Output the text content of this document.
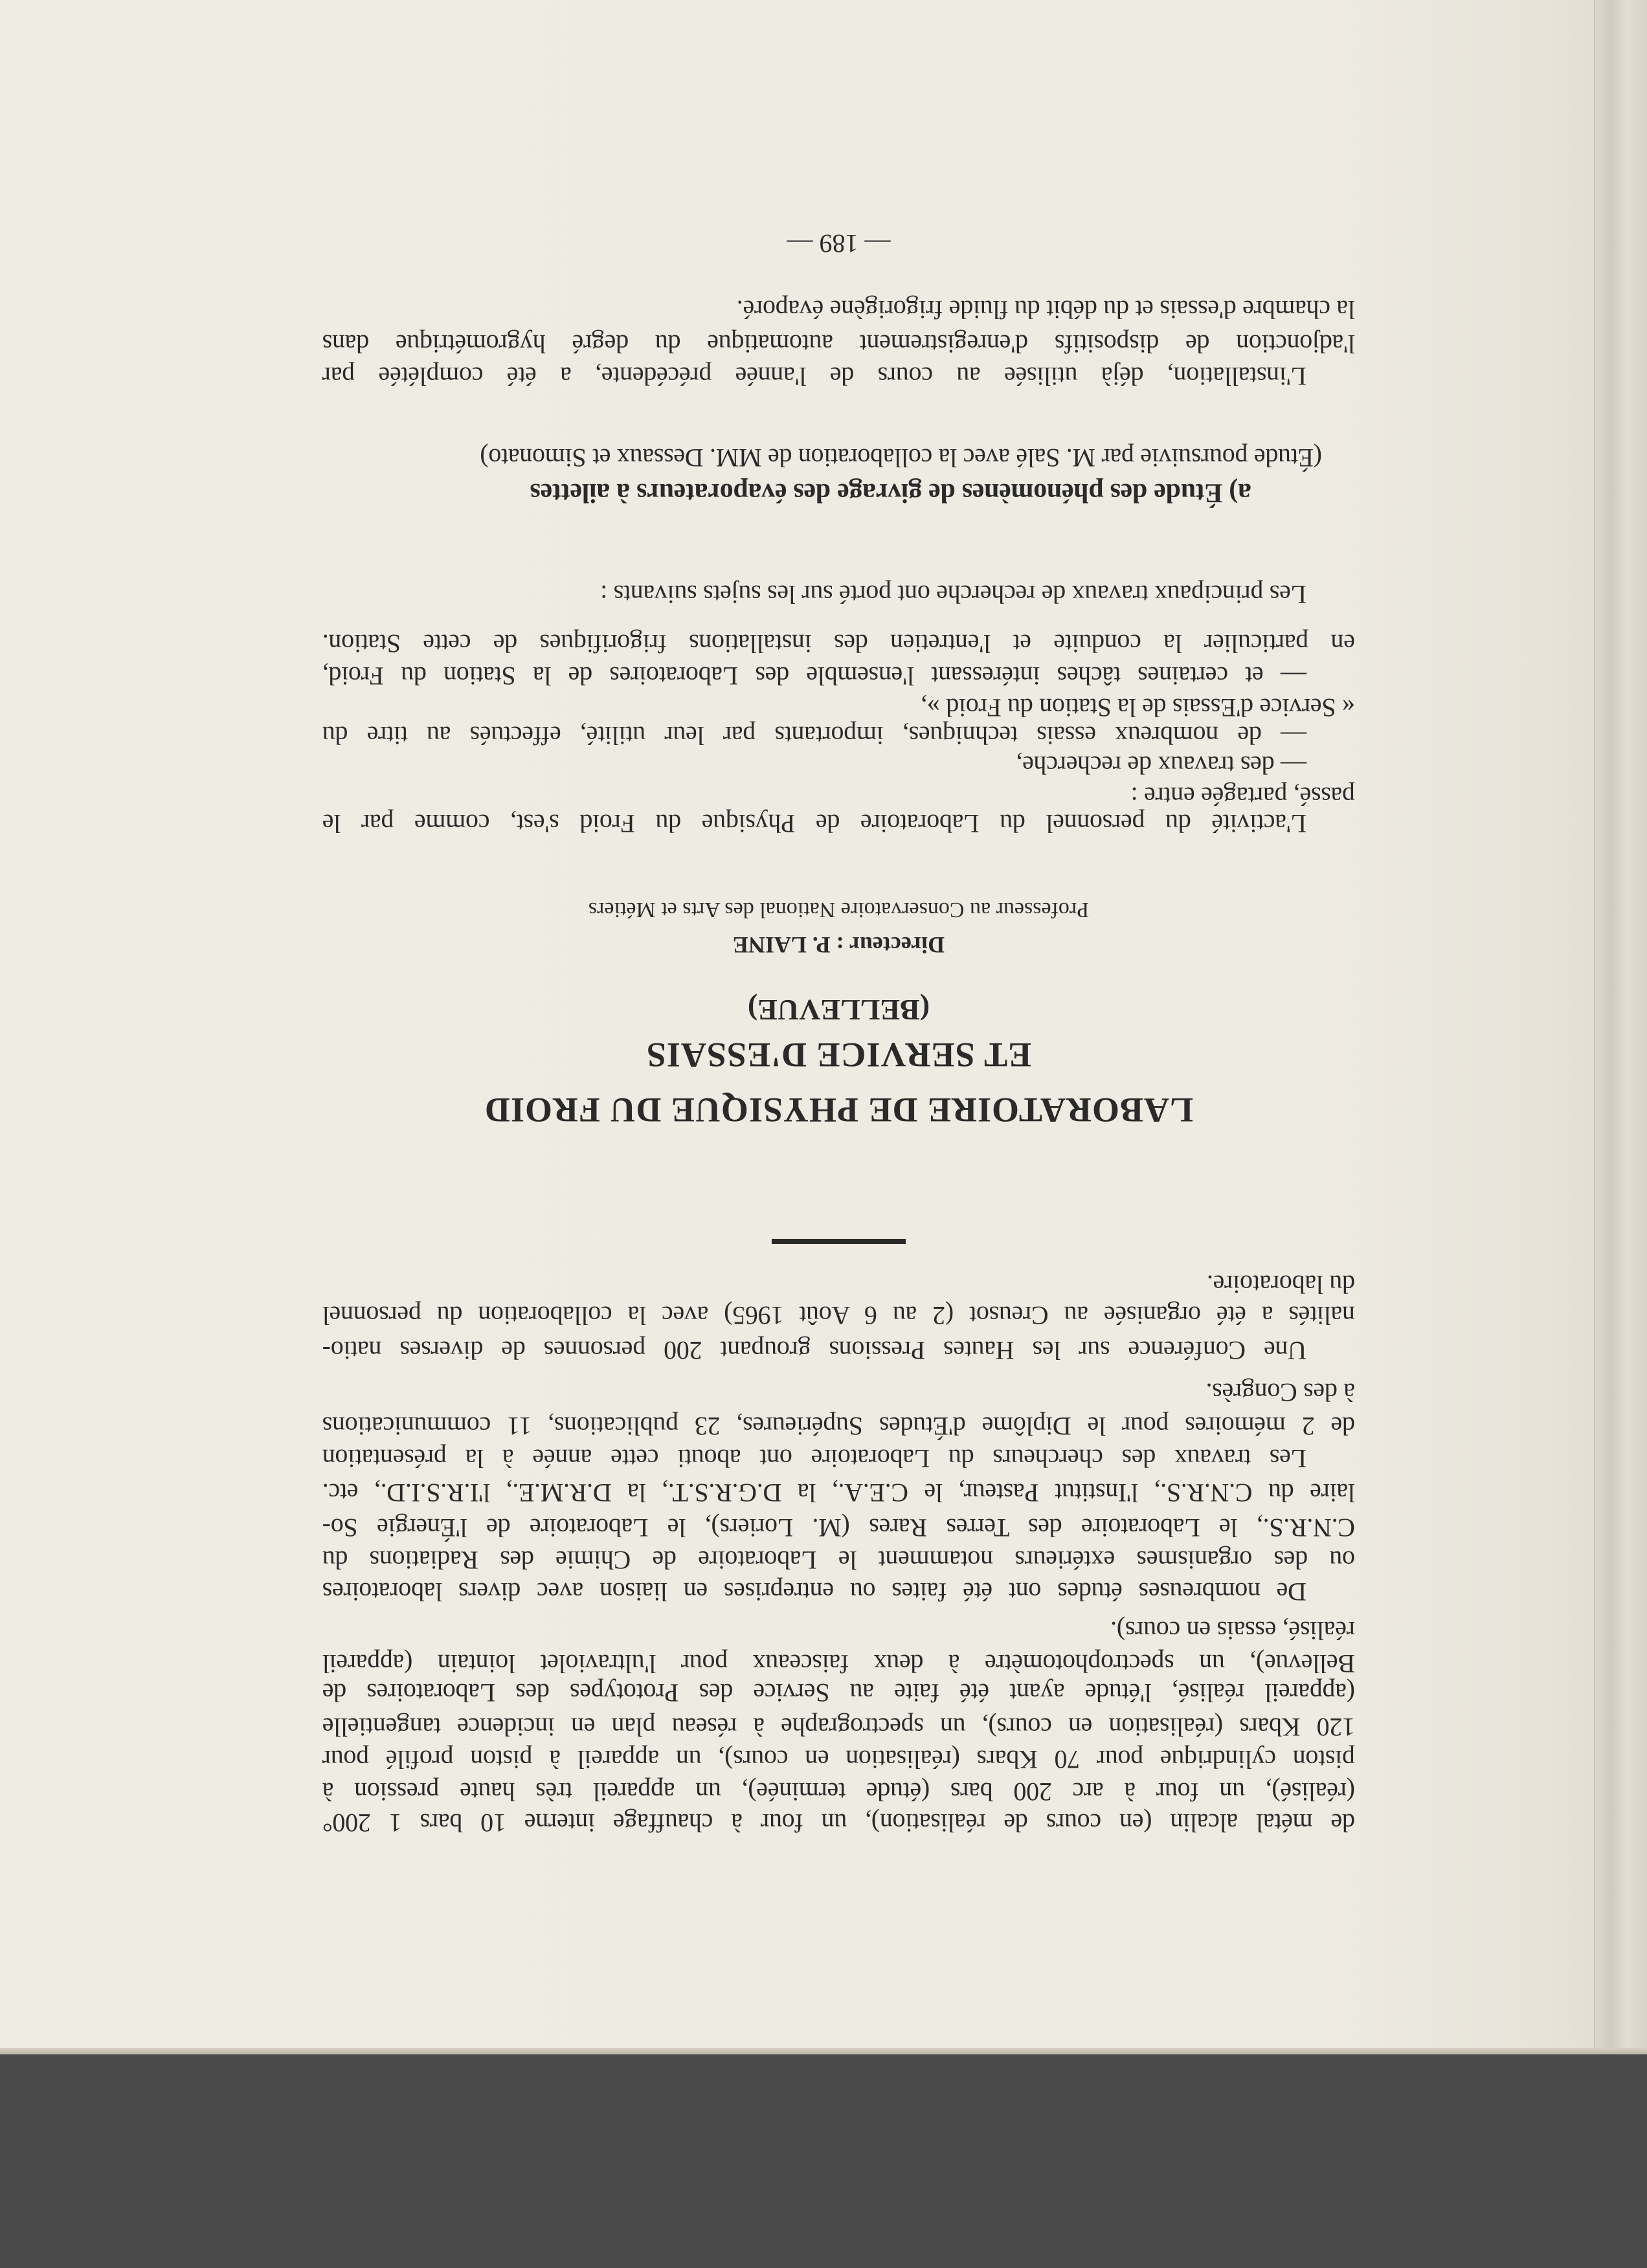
de métal alcalin (en cours de réalisation), un four à chauffage interne 10 bars 1 200°
(réalisé), un four à arc 200 bars (étude terminée), un appareil très haute pression à
piston cylindrique pour 70 Kbars (réalisation en cours), un appareil à piston profilé pour
120 Kbars (réalisation en cours), un spectrographe à réseau plan en incidence tangentielle
(appareil réalisé, l'étude ayant été faite au Service des Prototypes des Laboratoires de
Bellevue), un spectrophotomètre à deux faisceaux pour l'ultraviolet lointain (appareil
réalisé, essais en cours).
De nombreuses études ont été faites ou entreprises en liaison avec divers laboratoires
ou des organismes extérieurs notamment le Laboratoire de Chimie des Radiations du
C.N.R.S., le Laboratoire des Terres Rares (M. Loriers), le Laboratoire de l'Énergie So-
laire du C.N.R.S., l'Institut Pasteur, le C.E.A., la D.G.R.S.T., la D.R.M.E., l'I.R.S.I.D., etc.
Les travaux des chercheurs du Laboratoire ont abouti cette année à la présentation
de 2 mémoires pour le Diplôme d'Études Supérieures, 23 publications, 11 communications
à des Congrès.
Une Conférence sur les Hautes Pressions groupant 200 personnes de diverses natio-
nalités a été organisée au Creusot (2 au 6 Août 1965) avec la collaboration du personnel
du laboratoire.
LABORATOIRE DE PHYSIQUE DU FROID
ET SERVICE D'ESSAIS
(BELLEVUE)
Directeur : P. LAINE
Professeur au Conservatoire National des Arts et Métiers
L'activité du personnel du Laboratoire de Physique du Froid s'est, comme par le
passé, partagée entre :
— des travaux de recherche,
— de nombreux essais techniques, importants par leur utilité, effectués au titre du
« Service d'Essais de la Station du Froid »,
— et certaines tâches intéressant l'ensemble des Laboratoires de la Station du Froid,
en particulier la conduite et l'entretien des installations frigorifiques de cette Station.
Les principaux travaux de recherche ont porté sur les sujets suivants :
a) Étude des phénomènes de givrage des évaporateurs à ailettes
(Étude poursuivie par M. Salé avec la collaboration de MM. Dessaux et Simonato)
L'installation, déjà utilisée au cours de l'année précédente, a été complétée par
l'adjonction de dispositifs d'enregistrement automatique du degré hygrométrique dans
la chambre d'essais et du débit du fluide frigorigène évaporé.
— 189 —
